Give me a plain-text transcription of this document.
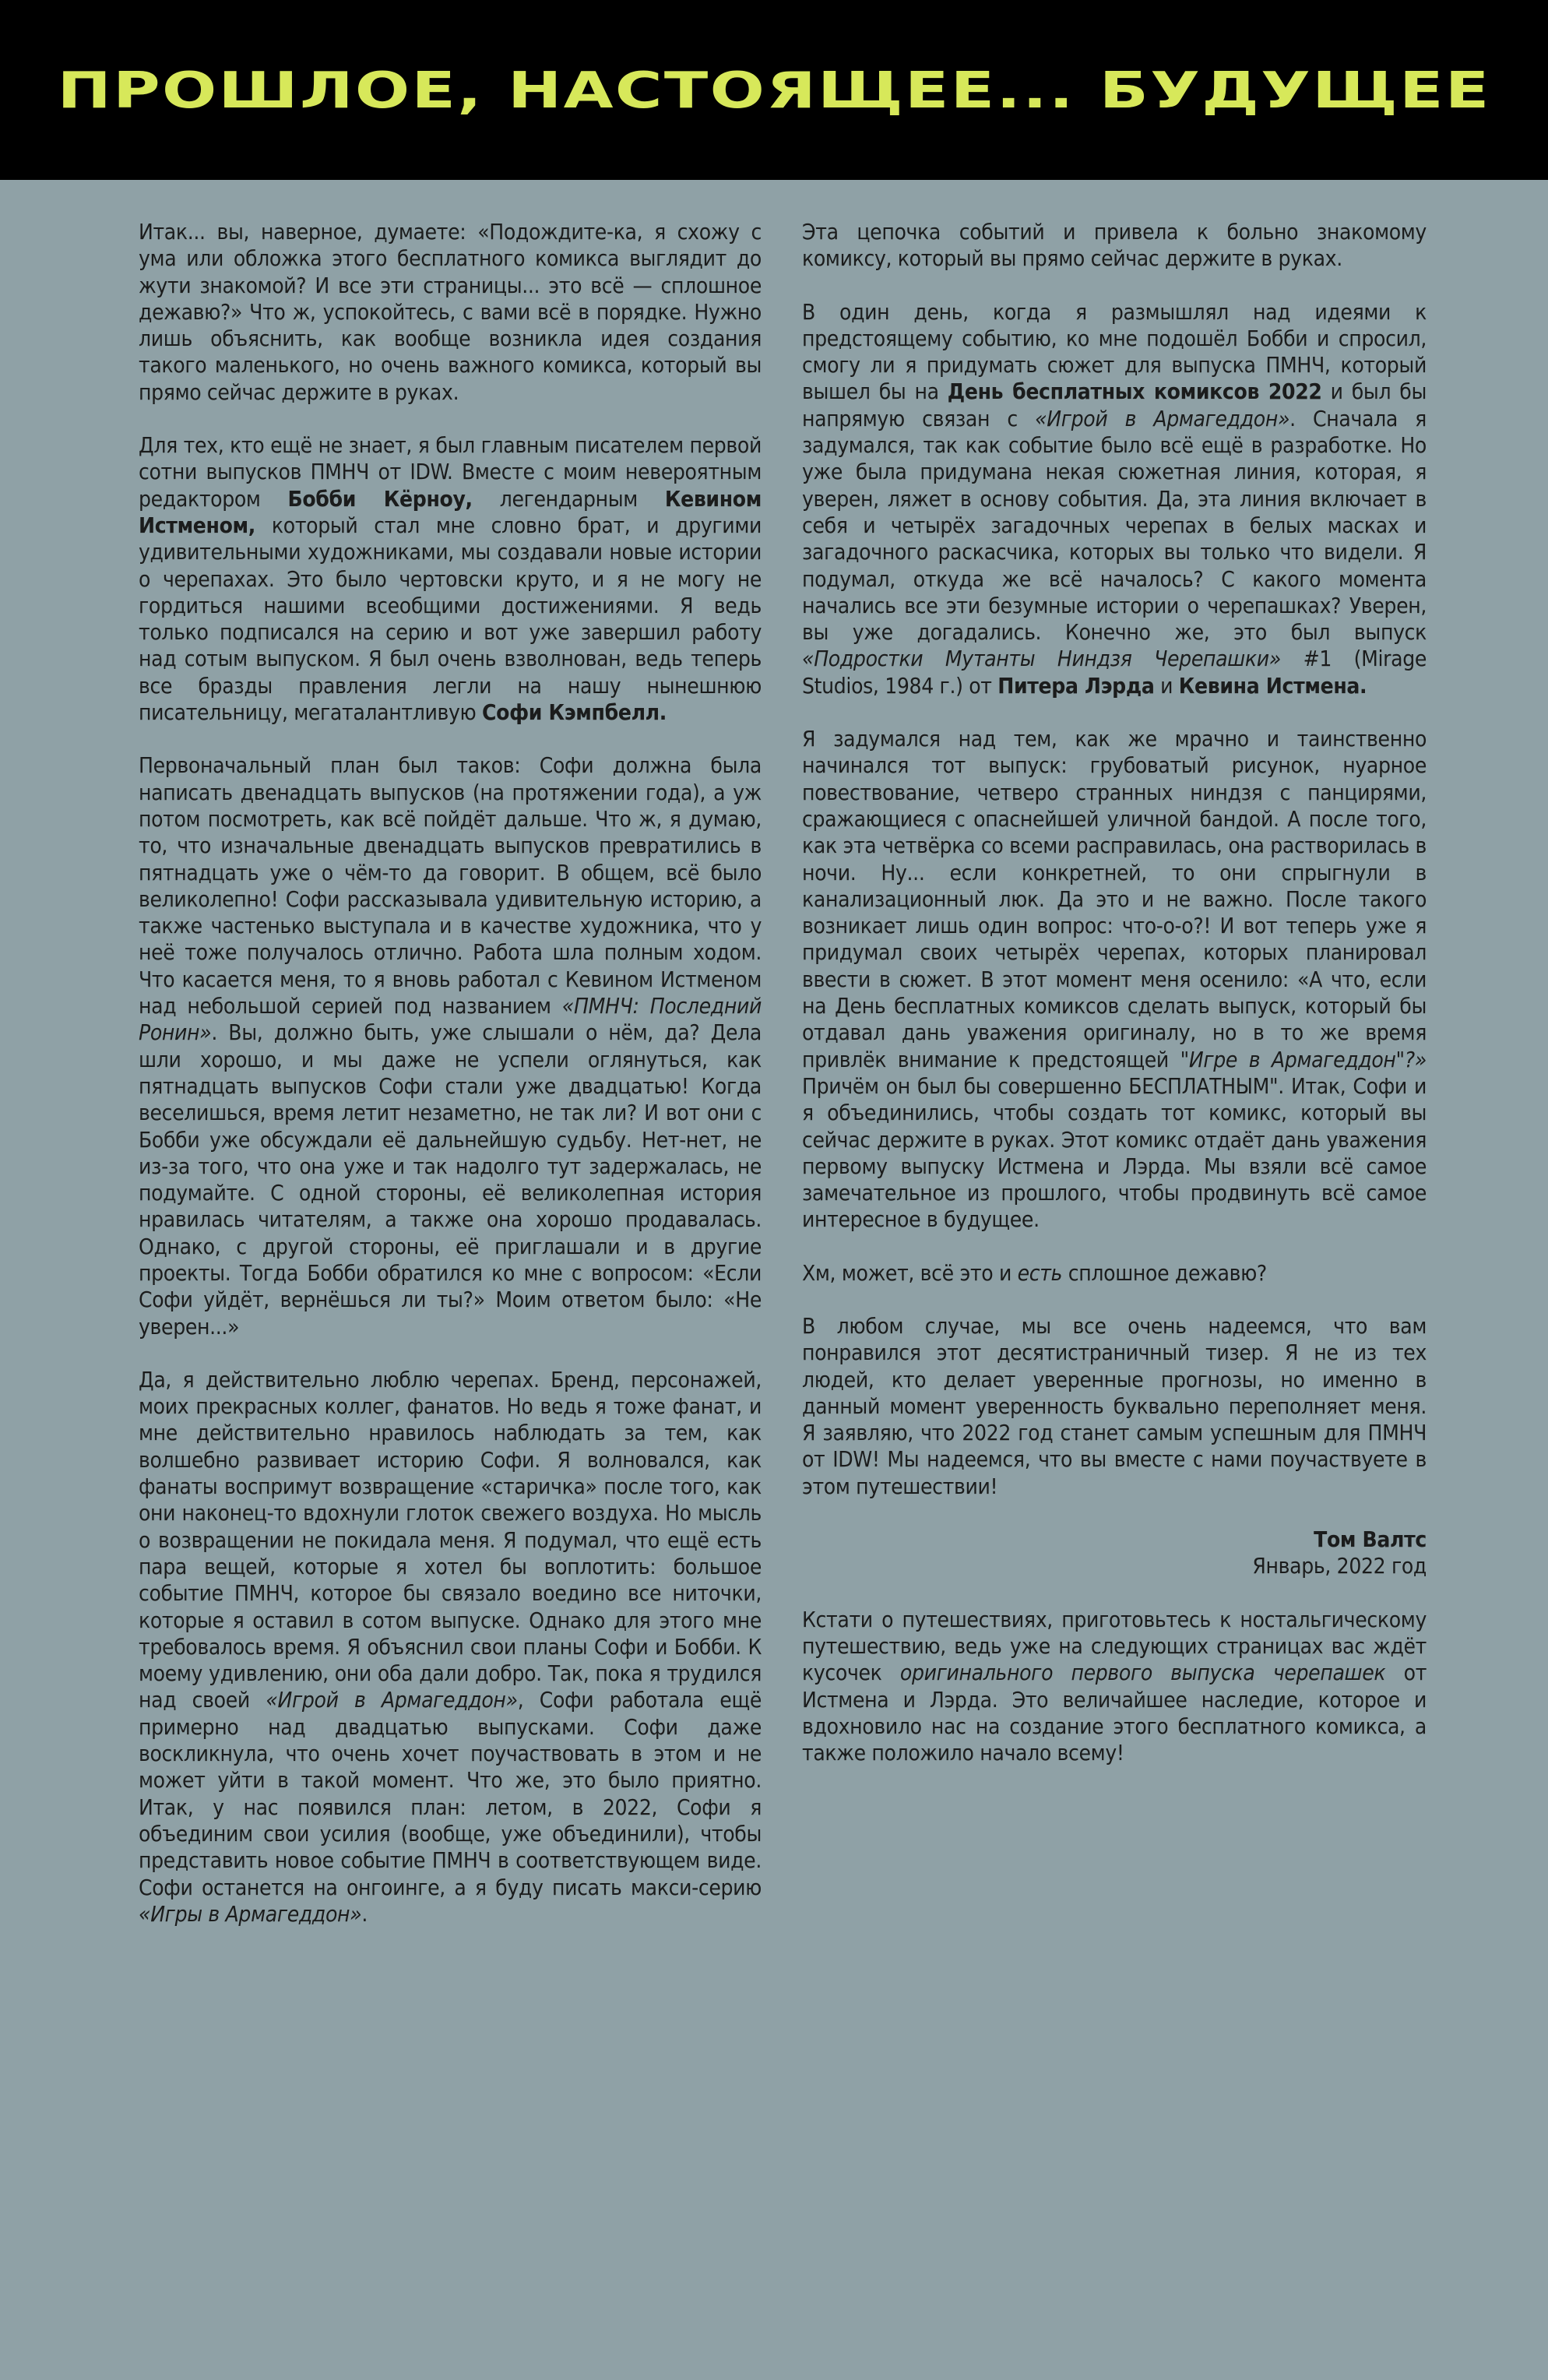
ПРОШЛОЕ, НАСТОЯЩЕЕ... БУДУЩЕЕ

Итак... вы, наверное, думаете: «Подождите-ка, я схожу с ума или обложка этого бесплатного комикса выглядит до жути знакомой? И все эти страницы... это всё — сплошное дежавю?» Что ж, успокойтесь, с вами всё в порядке. Нужно лишь объяснить, как вообще возникла идея создания такого маленького, но очень важного комикса, который вы прямо сейчас держите в руках.

Для тех, кто ещё не знает, я был главным писателем первой сотни выпусков ПМНЧ от IDW. Вместе с моим невероятным редактором Бобби Кёрноу, легендарным Кевином Истменом, который стал мне словно брат, и другими удивительными художниками, мы создавали новые истории о черепахах. Это было чертовски круто, и я не могу не гордиться нашими всеобщими достижениями. Я ведь только подписался на серию и вот уже завершил работу над сотым выпуском. Я был очень взволнован, ведь теперь все бразды правления легли на нашу нынешнюю писательницу, мегаталантливую Софи Кэмпбелл.

Первоначальный план был таков: Софи должна была написать двенадцать выпусков (на протяжении года), а уж потом посмотреть, как всё пойдёт дальше. Что ж, я думаю, то, что изначальные двенадцать выпусков превратились в пятнадцать уже о чём-то да говорит. В общем, всё было великолепно! Софи рассказывала удивительную историю, а также частенько выступала и в качестве художника, что у неё тоже получалось отлично. Работа шла полным ходом. Что касается меня, то я вновь работал с Кевином Истменом над небольшой серией под названием «ПМНЧ: Последний Ронин». Вы, должно быть, уже слышали о нём, да? Дела шли хорошо, и мы даже не успели оглянуться, как пятнадцать выпусков Софи стали уже двадцатью! Когда веселишься, время летит незаметно, не так ли? И вот они с Бобби уже обсуждали её дальнейшую судьбу. Нет-нет, не из-за того, что она уже и так надолго тут задержалась, не подумайте. С одной стороны, её великолепная история нравилась читателям, а также она хорошо продавалась. Однако, с другой стороны, её приглашали и в другие проекты. Тогда Бобби обратился ко мне с вопросом: «Если Софи уйдёт, вернёшься ли ты?» Моим ответом было: «Не уверен...»

Да, я действительно люблю черепах. Бренд, персонажей, моих прекрасных коллег, фанатов. Но ведь я тоже фанат, и мне действительно нравилось наблюдать за тем, как волшебно развивает историю Софи. Я волновался, как фанаты воспримут возвращение «старичка» после того, как они наконец-то вдохнули глоток свежего воздуха. Но мысль о возвращении не покидала меня. Я подумал, что ещё есть пара вещей, которые я хотел бы воплотить: большое событие ПМНЧ, которое бы связало воедино все ниточки, которые я оставил в сотом выпуске. Однако для этого мне требовалось время. Я объяснил свои планы Софи и Бобби. К моему удивлению, они оба дали добро. Так, пока я трудился над своей «Игрой в Армагеддон», Софи работала ещё примерно над двадцатью выпусками. Софи даже воскликнула, что очень хочет поучаствовать в этом и не может уйти в такой момент. Что же, это было приятно. Итак, у нас появился план: летом, в 2022, Софи я объединим свои усилия (вообще, уже объединили), чтобы представить новое событие ПМНЧ в соответствующем виде. Софи останется на онгоинге, а я буду писать макси-серию «Игры в Армагеддон».

Эта цепочка событий и привела к больно знакомому комиксу, который вы прямо сейчас держите в руках.

В один день, когда я размышлял над идеями к предстоящему событию, ко мне подошёл Бобби и спросил, смогу ли я придумать сюжет для выпуска ПМНЧ, который вышел бы на День бесплатных комиксов 2022 и был бы напрямую связан с «Игрой в Армагеддон». Сначала я задумался, так как событие было всё ещё в разработке. Но уже была придумана некая сюжетная линия, которая, я уверен, ляжет в основу события. Да, эта линия включает в себя и четырёх загадочных черепах в белых масках и загадочного раскасчика, которых вы только что видели. Я подумал, откуда же всё началось? С какого момента начались все эти безумные истории о черепашках? Уверен, вы уже догадались. Конечно же, это был выпуск «Подростки Мутанты Ниндзя Черепашки» #1 (Mirage Studios, 1984 г.) от Питера Лэрда и Кевина Истмена.

Я задумался над тем, как же мрачно и таинственно начинался тот выпуск: грубоватый рисунок, нуарное повествование, четверо странных ниндзя с панцирями, сражающиеся с опаснейшей уличной бандой. А после того, как эта четвёрка со всеми расправилась, она растворилась в ночи. Ну... если конкретней, то они спрыгнули в канализационный люк. Да это и не важно. После такого возникает лишь один вопрос: что-о-о?! И вот теперь уже я придумал своих четырёх черепах, которых планировал ввести в сюжет. В этот момент меня осенило: «А что, если на День бесплатных комиксов сделать выпуск, который бы отдавал дань уважения оригиналу, но в то же время привлёк внимание к предстоящей "Игре в Армагеддон"?» Причём он был бы совершенно БЕСПЛАТНЫМ". Итак, Софи и я объединились, чтобы создать тот комикс, который вы сейчас держите в руках. Этот комикс отдаёт дань уважения первому выпуску Истмена и Лэрда. Мы взяли всё самое замечательное из прошлого, чтобы продвинуть всё самое интересное в будущее.

Хм, может, всё это и есть сплошное дежавю?

В любом случае, мы все очень надеемся, что вам понравился этот десятистраничный тизер. Я не из тех людей, кто делает уверенные прогнозы, но именно в данный момент уверенность буквально переполняет меня. Я заявляю, что 2022 год станет самым успешным для ПМНЧ от IDW! Мы надеемся, что вы вместе с нами поучаствуете в этом путешествии!

Том Валтс
Январь, 2022 год

Кстати о путешествиях, приготовьтесь к ностальгическому путешествию, ведь уже на следующих страницах вас ждёт кусочек оригинального первого выпуска черепашек от Истмена и Лэрда. Это величайшее наследие, которое и вдохновило нас на создание этого бесплатного комикса, а также положило начало всему!
